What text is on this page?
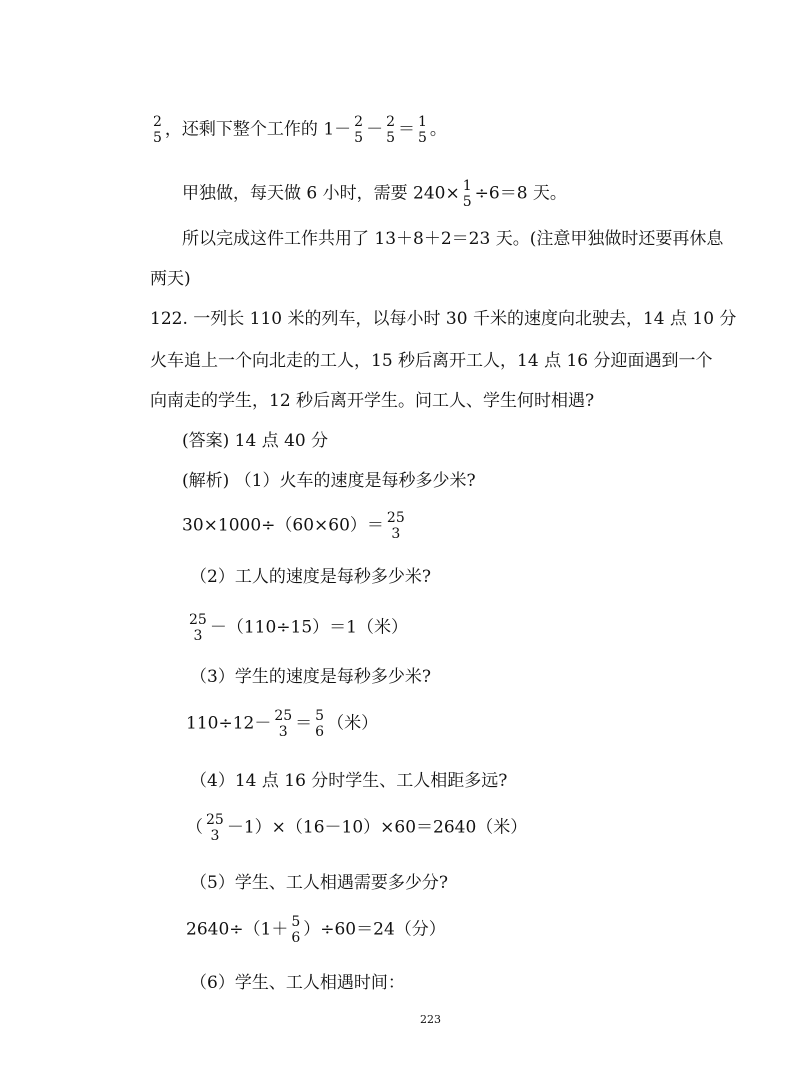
2
5 ，还剩下整个工作的 1－ 2
5 － 2
5 ＝ 1
5 。
甲独做，每天做 6 小时，需要 240× 1
5 ÷6＝8 天。
所以完成这件工作共用了 13＋8＋2＝23 天。(注意甲独做时还要再休息
两天)
122. 一列长 110 米的列车，以每小时 30 千米的速度向北驶去，14 点 10 分
火车追上一个向北走的工人，15 秒后离开工人，14 点 16 分迎面遇到一个
向南走的学生，12 秒后离开学生。问工人、学生何时相遇?
(答案) 14 点 40 分
(解析) （1）火车的速度是每秒多少米?
30×1000÷（60×60）＝ 25
3
（2）工人的速度是每秒多少米?
25
3 －（110÷15）＝1（米）
（3）学生的速度是每秒多少米?
110÷12－ 25
3 ＝ 5
6 （米）
（4）14 点 16 分时学生、工人相距多远?
（ 25
3 －1）×（16－10）×60＝2640（米）
（5）学生、工人相遇需要多少分?
2640÷（1＋ 5
6 ）÷60＝24（分）
（6）学生、工人相遇时间：
223
